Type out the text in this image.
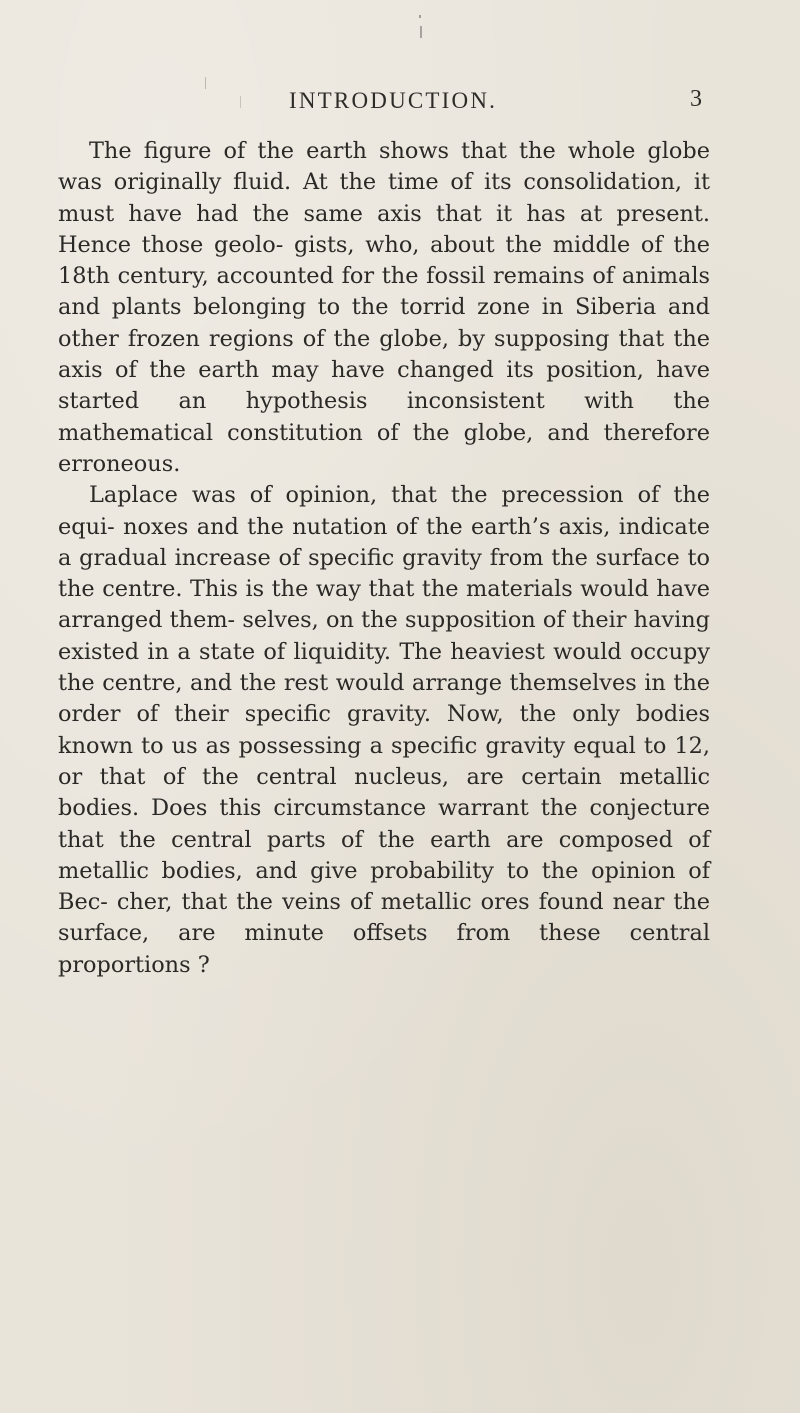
INTRODUCTION.	3

The figure of the earth shows that the whole globe was originally fluid. At the time of its consolidation, it must have had the same axis that it has at present. Hence those geolo- gists, who, about the middle of the 18th century, accounted for the fossil remains of animals and plants belonging to the torrid zone in Siberia and other frozen regions of the globe, by supposing that the axis of the earth may have changed its position, have started an hypothesis inconsistent with the mathematical constitution of the globe, and therefore erroneous.

Laplace was of opinion, that the precession of the equi- noxes and the nutation of the earth’s axis, indicate a gradual increase of specific gravity from the surface to the centre. This is the way that the materials would have arranged them- selves, on the supposition of their having existed in a state of liquidity. The heaviest would occupy the centre, and the rest would arrange themselves in the order of their specific gravity. Now, the only bodies known to us as possessing a specific gravity equal to 12, or that of the central nucleus, are certain metallic bodies. Does this circumstance warrant the conjecture that the central parts of the earth are composed of metallic bodies, and give probability to the opinion of Bec- cher, that the veins of metallic ores found near the surface, are minute offsets from these central proportions ?
